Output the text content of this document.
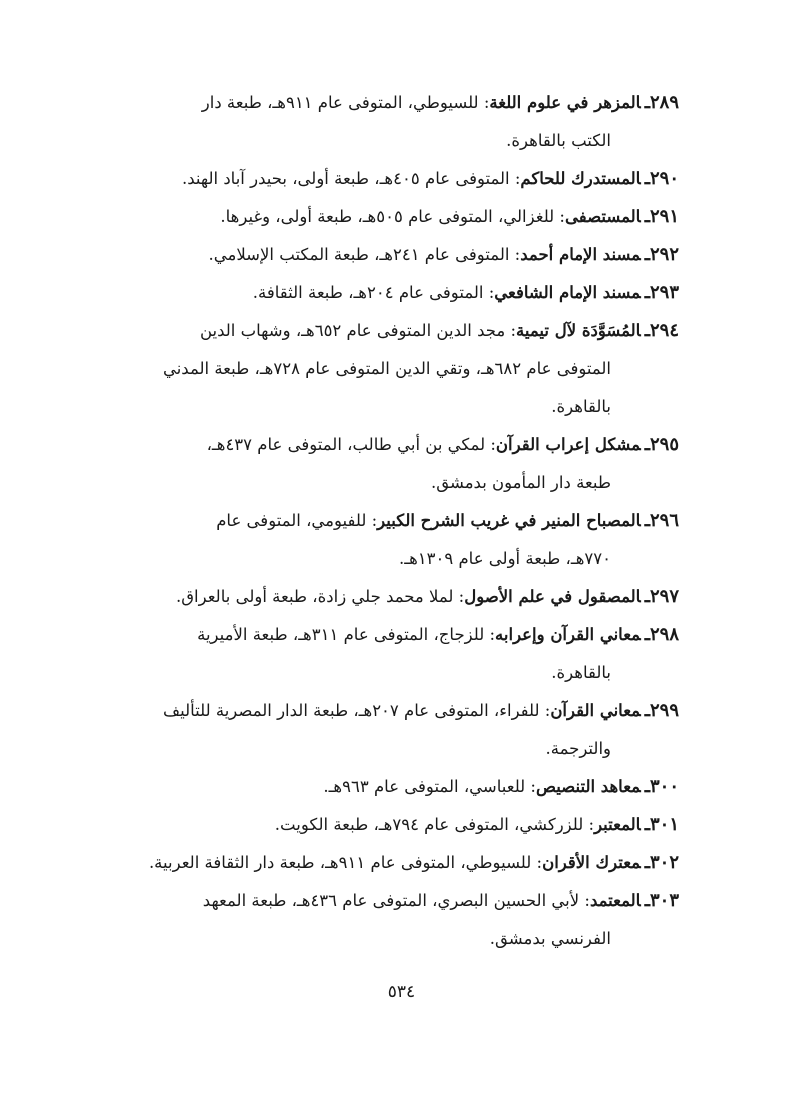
٢٨٩ـالمزهر في علوم اللغة: للسيوطي، المتوفى عام ٩١١هـ، طبعة دار
الكتب بالقاهرة.
٢٩٠ـالمستدرك للحاكم: المتوفى عام ٤٠٥هـ، طبعة أولى، بحيدر آباد الهند.
٢٩١ـالمستصفى: للغزالي، المتوفى عام ٥٠٥هـ، طبعة أولى، وغيرها.
٢٩٢ـمسند الإمام أحمد: المتوفى عام ٢٤١هـ، طبعة المكتب الإسلامي.
٢٩٣ـمسند الإمام الشافعي: المتوفى عام ٢٠٤هـ، طبعة الثقافة.
٢٩٤ـالمُسَوَّدَة لآل تيمية: مجد الدين المتوفى عام ٦٥٢هـ، وشهاب الدين
المتوفى عام ٦٨٢هـ، وتقي الدين المتوفى عام ٧٢٨هـ، طبعة المدني بالقاهرة.
٢٩٥ـمشكل إعراب القرآن: لمكي بن أبي طالب، المتوفى عام ٤٣٧هـ،
طبعة دار المأمون بدمشق.
٢٩٦ـالمصباح المنير في غريب الشرح الكبير: للفيومي، المتوفى عام
٧٧٠هـ، طبعة أولى عام ١٣٠٩هـ.
٢٩٧ـالمصقول في علم الأصول: لملا محمد جلي زادة، طبعة أولى بالعراق.
٢٩٨ـمعاني القرآن وإعرابه: للزجاج، المتوفى عام ٣١١هـ، طبعة الأميرية
بالقاهرة.
٢٩٩ـمعاني القرآن: للفراء، المتوفى عام ٢٠٧هـ، طبعة الدار المصرية للتأليف
والترجمة.
٣٠٠ـمعاهد التنصيص: للعباسي، المتوفى عام ٩٦٣هـ.
٣٠١ـالمعتبر: للزركشي، المتوفى عام ٧٩٤هـ، طبعة الكويت.
٣٠٢ـمعترك الأقران: للسيوطي، المتوفى عام ٩١١هـ، طبعة دار الثقافة العربية.
٣٠٣ـالمعتمد: لأبي الحسين البصري، المتوفى عام ٤٣٦هـ، طبعة المعهد
الفرنسي بدمشق.
٥٣٤
